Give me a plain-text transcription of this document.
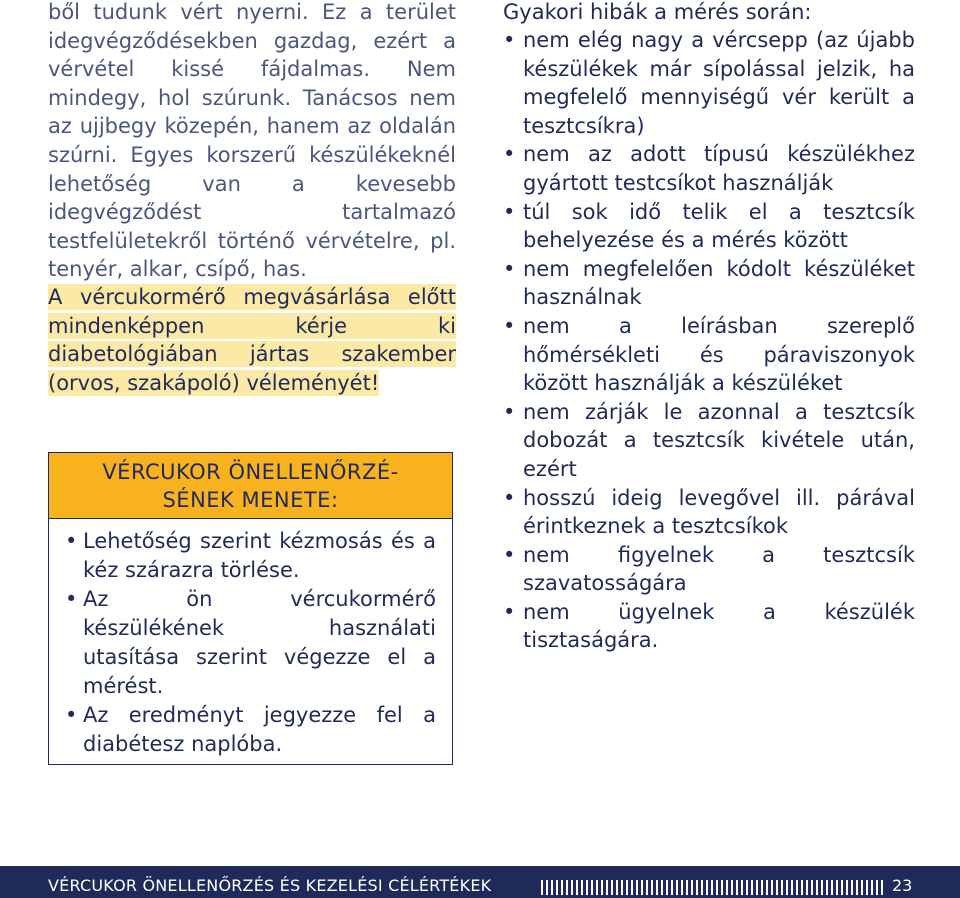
ből tudunk vért nyerni. Ez a terület idegvégződésekben gazdag, ezért a vérvétel kissé fájdalmas. Nem mindegy, hol szúrunk. Tanácsos nem az ujjbegy közepén, hanem az oldalán szúrni. Egyes korszerű készülékeknél lehetőség van a kevesebb idegvégződést tartalmazó testfelületekről történő vérvételre, pl. tenyér, alkar, csípő, has.

A vércukormérő megvásárlása előtt mindenképpen kérje ki diabetológiában jártas szakember (orvos, szakápoló) véleményét!
VÉRCUKOR ÖNELLENŐRZÉ-
SÉNEK MENETE:
• Lehetőség szerint kézmosás és a kéz szárazra törlése.
• Az ön vércukormérő készülékének használati utasítása szerint végezze el a mérést.
• Az eredményt jegyezze fel a diabétesz naplóba.

Gyakori hibák a mérés során:

• nem elég nagy a vércsepp (az újabb készülékek már sípolással jelzik, ha megfelelő mennyiségű vér került a tesztcsíkra)
• nem az adott típusú készülékhez gyártott testcsíkot használják
• túl sok idő telik el a tesztcsík behelyezése és a mérés között
• nem megfelelően kódolt készüléket használnak
• nem a leírásban szereplő hőmérsékleti és páraviszonyok között használják a készüléket
• nem zárják le azonnal a tesztcsík dobozát a tesztcsík kivétele után, ezért
• hosszú ideig levegővel ill. párával érintkeznek a tesztcsíkok
• nem figyelnek a tesztcsík szavatosságára
• nem ügyelnek a készülék tisztaságára.
VÉRCUKOR ÖNELLENŐRZÉS ÉS KEZELÉSI CÉLÉRTÉKEK	23
